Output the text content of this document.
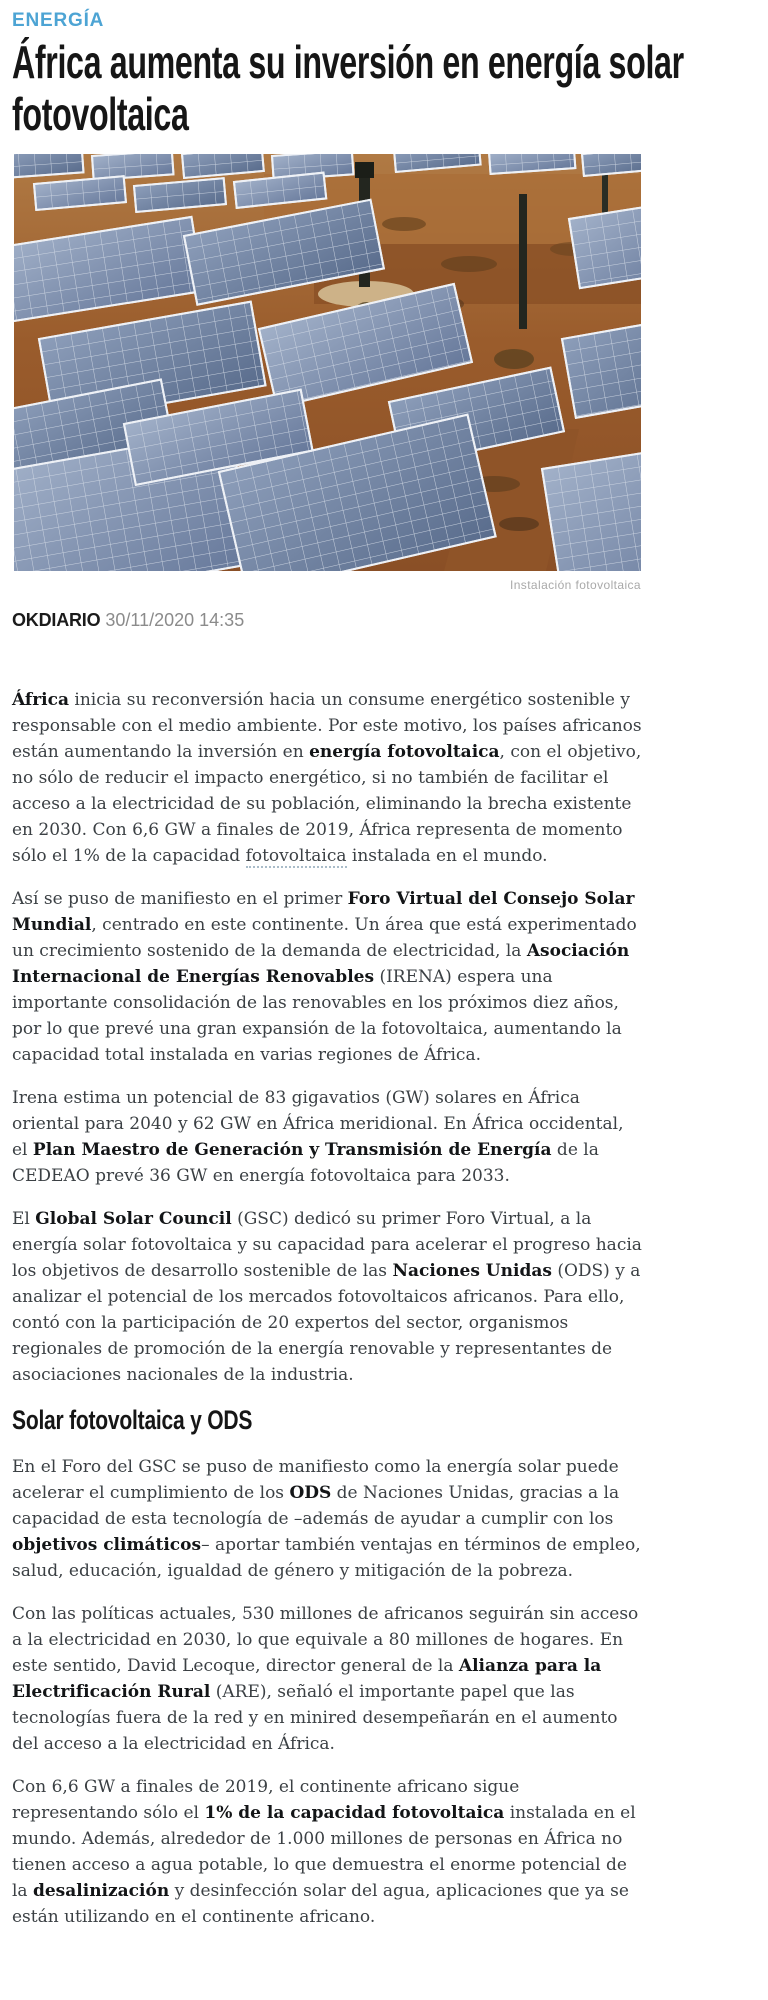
ENERGÍA
África aumenta su inversión en energía solar fotovoltaica
Instalación fotovoltaica
OKDIARIO 30/11/2020 14:35

África inicia su reconversión hacia un consume energético sostenible y responsable con el medio ambiente. Por este motivo, los países africanos están aumentando la inversión en energía fotovoltaica, con el objetivo, no sólo de reducir el impacto energético, si no también de facilitar el acceso a la electricidad de su población, eliminando la brecha existente en 2030. Con 6,6 GW a finales de 2019, África representa de momento sólo el 1% de la capacidad fotovoltaica instalada en el mundo.

Así se puso de manifiesto en el primer Foro Virtual del Consejo Solar Mundial, centrado en este continente. Un área que está experimentado un crecimiento sostenido de la demanda de electricidad, la Asociación Internacional de Energías Renovables (IRENA) espera una importante consolidación de las renovables en los próximos diez años, por lo que prevé una gran expansión de la fotovoltaica, aumentando la capacidad total instalada en varias regiones de África.

Irena estima un potencial de 83 gigavatios (GW) solares en África oriental para 2040 y 62 GW en África meridional. En África occidental, el Plan Maestro de Generación y Transmisión de Energía de la CEDEAO prevé 36 GW en energía fotovoltaica para 2033.

El Global Solar Council (GSC) dedicó su primer Foro Virtual, a la energía solar fotovoltaica y su capacidad para acelerar el progreso hacia los objetivos de desarrollo sostenible de las Naciones Unidas (ODS) y a analizar el potencial de los mercados fotovoltaicos africanos. Para ello, contó con la participación de 20 expertos del sector, organismos regionales de promoción de la energía renovable y representantes de asociaciones nacionales de la industria.

Solar fotovoltaica y ODS

En el Foro del GSC se puso de manifiesto como la energía solar puede acelerar el cumplimiento de los ODS de Naciones Unidas, gracias a la capacidad de esta tecnología de –además de ayudar a cumplir con los objetivos climáticos– aportar también ventajas en términos de empleo, salud, educación, igualdad de género y mitigación de la pobreza.

Con las políticas actuales, 530 millones de africanos seguirán sin acceso a la electricidad en 2030, lo que equivale a 80 millones de hogares. En este sentido, David Lecoque, director general de la Alianza para la Electrificación Rural (ARE), señaló el importante papel que las tecnologías fuera de la red y en minired desempeñarán en el aumento del acceso a la electricidad en África.

Con 6,6 GW a finales de 2019, el continente africano sigue representando sólo el 1% de la capacidad fotovoltaica instalada en el mundo. Además, alrededor de 1.000 millones de personas en África no tienen acceso a agua potable, lo que demuestra el enorme potencial de la desalinización y desinfección solar del agua, aplicaciones que ya se están utilizando en el continente africano.
